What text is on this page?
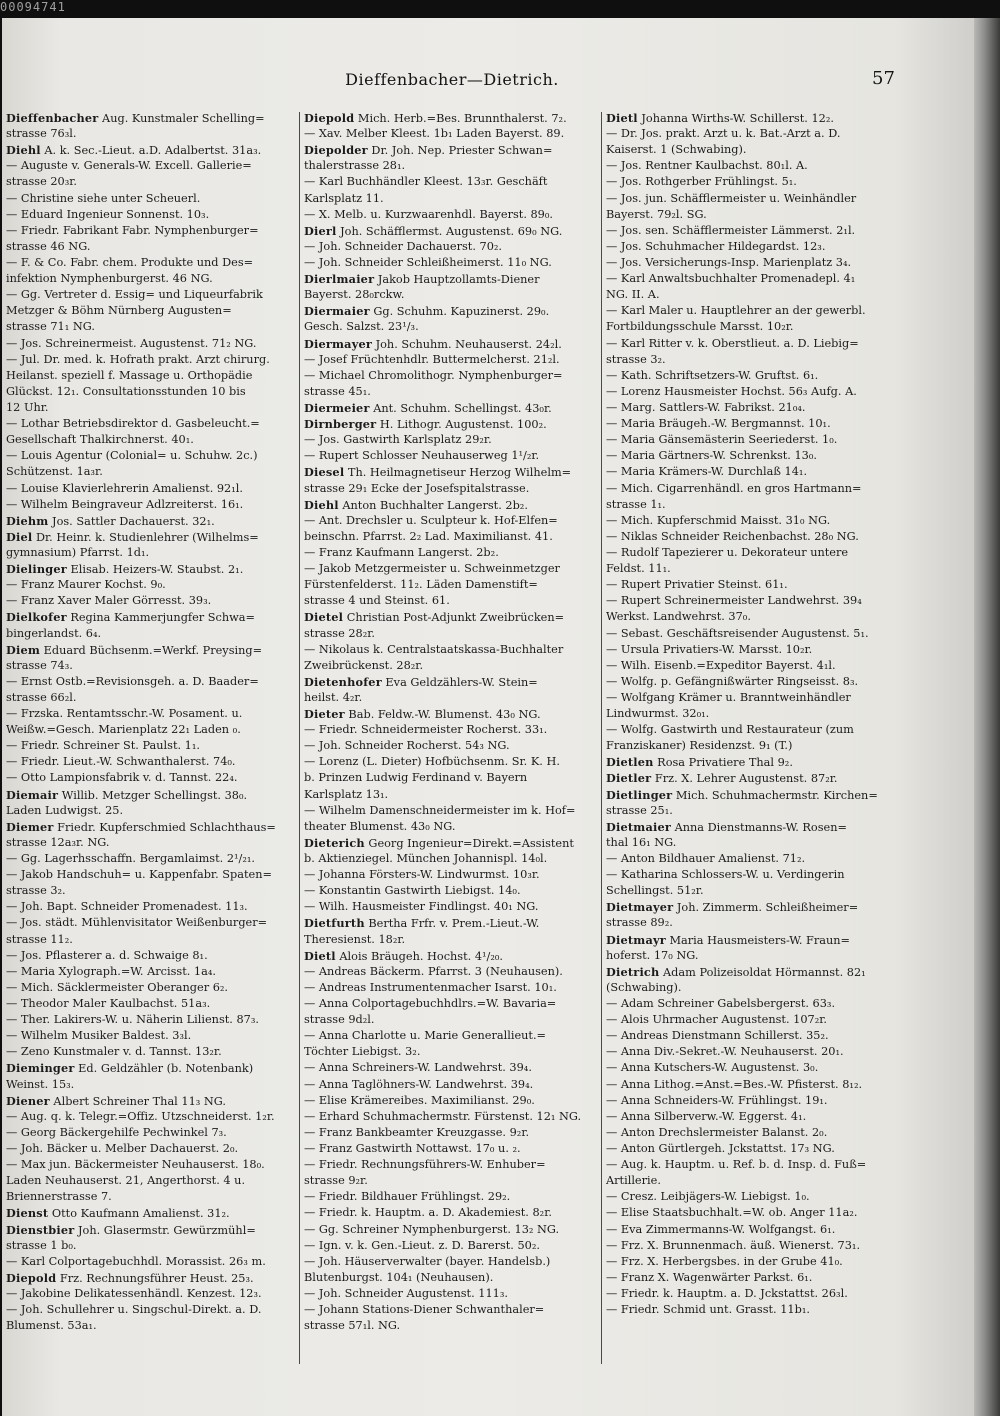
00094741
Dieffenbacher—Dietrich.	57
Dieffenbacher Aug. Kunstmaler Schelling=
strasse 76₃l.
Diehl A. k. Sec.-Lieut. a.D. Adalbertst. 31a₃.
— Auguste v. Generals-W. Excell. Gallerie=
strasse 20₃r.
— Christine siehe unter Scheuerl.
— Eduard Ingenieur Sonnenst. 10₃.
— Friedr. Fabrikant Fabr. Nymphenburger=
strasse 46 NG.
— F. & Co. Fabr. chem. Produkte und Des=
infektion Nymphenburgerst. 46 NG.
— Gg. Vertreter d. Essig= und Liqueurfabrik
Metzger & Böhm Nürnberg Augusten=
strasse 71₁ NG.
— Jos. Schreinermeist. Augustenst. 71₂ NG.
— Jul. Dr. med. k. Hofrath prakt. Arzt chirurg.
Heilanst. speziell f. Massage u. Orthopädie
Glückst. 12₁. Consultationsstunden 10 bis
12 Uhr.
— Lothar Betriebsdirektor d. Gasbeleucht.=
Gesellschaft Thalkirchnerst. 40₁.
— Louis Agentur (Colonial= u. Schuhw. 2c.)
Schützenst. 1a₃r.
— Louise Klavierlehrerin Amalienst. 92₁l.
— Wilhelm Beingraveur Adlzreiterst. 16₁.
Diehm Jos. Sattler Dachauerst. 32₁.
Diel Dr. Heinr. k. Studienlehrer (Wilhelms=
gymnasium) Pfarrst. 1d₁.
Dielinger Elisab. Heizers-W. Staubst. 2₁.
— Franz Maurer Kochst. 9₀.
— Franz Xaver Maler Görresst. 39₃.
Dielkofer Regina Kammerjungfer Schwa=
bingerlandst. 6₄.
Diem Eduard Büchsenm.=Werkf. Preysing=
strasse 74₃.
— Ernst Ostb.=Revisionsgeh. a. D. Baader=
strasse 66₂l.
— Frzska. Rentamtsschr.-W. Posament. u.
Weißw.=Gesch. Marienplatz 22₁ Laden ₀.
— Friedr. Schreiner St. Paulst. 1₁.
— Friedr. Lieut.-W. Schwanthalerst. 74₀.
— Otto Lampionsfabrik v. d. Tannst. 22₄.
Diemair Willib. Metzger Schellingst. 38₀.
Laden Ludwigst. 25.
Diemer Friedr. Kupferschmied Schlachthaus=
strasse 12a₃r. NG.
— Gg. Lagerhsschaffn. Bergamlaimst. 2¹/₂₁.
— Jakob Handschuh= u. Kappenfabr. Spaten=
strasse 3₂.
— Joh. Bapt. Schneider Promenadest. 11₃.
— Jos. städt. Mühlenvisitator Weißenburger=
strasse 11₂.
— Jos. Pflasterer a. d. Schwaige 8₁.
— Maria Xylograph.=W. Arcisst. 1a₄.
— Mich. Säcklermeister Oberanger 6₂.
— Theodor Maler Kaulbachst. 51a₃.
— Ther. Lakirers-W. u. Näherin Lilienst. 87₃.
— Wilhelm Musiker Baldest. 3₃l.
— Zeno Kunstmaler v. d. Tannst. 13₂r.
Dieminger Ed. Geldzähler (b. Notenbank)
Weinst. 15₃.
Diener Albert Schreiner Thal 11₃ NG.
— Aug. q. k. Telegr.=Offiz. Utzschneiderst. 1₂r.
— Georg Bäckergehilfe Pechwinkel 7₃.
— Joh. Bäcker u. Melber Dachauerst. 2₀.
— Max jun. Bäckermeister Neuhauserst. 18₀.
Laden Neuhauserst. 21, Angerthorst. 4 u.
Briennerstrasse 7.
Dienst Otto Kaufmann Amalienst. 31₂.
Dienstbier Joh. Glasermstr. Gewürzmühl=
strasse 1 b₀.
— Karl Colportagebuchhdl. Morassist. 26₃ m.
Diepold Frz. Rechnungsführer Heust. 25₃.
— Jakobine Delikatessenhändl. Kenzest. 12₃.
— Joh. Schullehrer u. Singschul-Direkt. a. D.
Blumenst. 53a₁.
Diepold Mich. Herb.=Bes. Brunnthalerst. 7₂.
— Xav. Melber Kleest. 1b₁ Laden Bayerst. 89.
Diepolder Dr. Joh. Nep. Priester Schwan=
thalerstrasse 28₁.
— Karl Buchhändler Kleest. 13₃r. Geschäft
Karlsplatz 11.
— X. Melb. u. Kurzwaarenhdl. Bayerst. 89₀.
Dierl Joh. Schäfflermst. Augustenst. 69₀ NG.
— Joh. Schneider Dachauerst. 70₂.
— Joh. Schneider Schleißheimerst. 11₀ NG.
Dierlmaier Jakob Hauptzollamts-Diener
Bayerst. 28₀rckw.
Diermaier Gg. Schuhm. Kapuzinerst. 29₀.
Gesch. Salzst. 23¹/₃.
Diermayer Joh. Schuhm. Neuhauserst. 24₂l.
— Josef Früchtenhdlr. Buttermelcherst. 21₂l.
— Michael Chromolithogr. Nymphenburger=
strasse 45₁.
Diermeier Ant. Schuhm. Schellingst. 43₀r.
Dirnberger H. Lithogr. Augustenst. 100₂.
— Jos. Gastwirth Karlsplatz 29₂r.
— Rupert Schlosser Neuhauserweg 1¹/₂r.
Diesel Th. Heilmagnetiseur Herzog Wilhelm=
strasse 29₁ Ecke der Josefspitalstrasse.
Diehl Anton Buchhalter Langerst. 2b₂.
— Ant. Drechsler u. Sculpteur k. Hof-Elfen=
beinschn. Pfarrst. 2₂ Lad. Maximilianst. 41.
— Franz Kaufmann Langerst. 2b₂.
— Jakob Metzgermeister u. Schweinmetzger
Fürstenfelderst. 11₂. Läden Damenstift=
strasse 4 und Steinst. 61.
Dietel Christian Post-Adjunkt Zweibrücken=
strasse 28₂r.
— Nikolaus k. Centralstaatskassa-Buchhalter
Zweibrückenst. 28₂r.
Dietenhofer Eva Geldzählers-W. Stein=
heilst. 4₂r.
Dieter Bab. Feldw.-W. Blumenst. 43₀ NG.
— Friedr. Schneidermeister Rocherst. 33₁.
— Joh. Schneider Rocherst. 54₃ NG.
— Lorenz (L. Dieter) Hofbüchsenm. Sr. K. H.
b. Prinzen Ludwig Ferdinand v. Bayern
Karlsplatz 13₁.
— Wilhelm Damenschneidermeister im k. Hof=
theater Blumenst. 43₀ NG.
Dieterich Georg Ingenieur=Direkt.=Assistent
b. Aktienziegel. München Johannispl. 14₀l.
— Johanna Försters-W. Lindwurmst. 10₃r.
— Konstantin Gastwirth Liebigst. 14₀.
— Wilh. Hausmeister Findlingst. 40₁ NG.
Dietfurth Bertha Frfr. v. Prem.-Lieut.-W.
Theresienst. 18₂r.
Dietl Alois Bräugeh. Hochst. 4¹/₂₀.
— Andreas Bäckerm. Pfarrst. 3 (Neuhausen).
— Andreas Instrumentenmacher Isarst. 10₁.
— Anna Colportagebuchhdlrs.=W. Bavaria=
strasse 9d₂l.
— Anna Charlotte u. Marie Generallieut.=
Töchter Liebigst. 3₂.
— Anna Schreiners-W. Landwehrst. 39₄.
— Anna Taglöhners-W. Landwehrst. 39₄.
— Elise Krämereibes. Maximilianst. 29₀.
— Erhard Schuhmachermstr. Fürstenst. 12₁ NG.
— Franz Bankbeamter Kreuzgasse. 9₂r.
— Franz Gastwirth Nottawst. 17₀ u. ₂.
— Friedr. Rechnungsführers-W. Enhuber=
strasse 9₂r.
— Friedr. Bildhauer Frühlingst. 29₂.
— Friedr. k. Hauptm. a. D. Akademiest. 8₂r.
— Gg. Schreiner Nymphenburgerst. 13₂ NG.
— Ign. v. k. Gen.-Lieut. z. D. Barerst. 50₂.
— Joh. Häuserverwalter (bayer. Handelsb.)
Blutenburgst. 104₁ (Neuhausen).
— Joh. Schneider Augustenst. 111₃.
— Johann Stations-Diener Schwanthaler=
strasse 57₁l. NG.
Dietl Johanna Wirths-W. Schillerst. 12₂.
— Dr. Jos. prakt. Arzt u. k. Bat.-Arzt a. D.
Kaiserst. 1 (Schwabing).
— Jos. Rentner Kaulbachst. 80₁l. A.
— Jos. Rothgerber Frühlingst. 5₁.
— Jos. jun. Schäfflermeister u. Weinhändler
Bayerst. 79₂l. SG.
— Jos. sen. Schäfflermeister Lämmerst. 2₁l.
— Jos. Schuhmacher Hildegardst. 12₃.
— Jos. Versicherungs-Insp. Marienplatz 3₄.
— Karl Anwaltsbuchhalter Promenadepl. 4₁
NG. II. A.
— Karl Maler u. Hauptlehrer an der gewerbl.
Fortbildungsschule Marsst. 10₂r.
— Karl Ritter v. k. Oberstlieut. a. D. Liebig=
strasse 3₂.
— Kath. Schriftsetzers-W. Gruftst. 6₁.
— Lorenz Hausmeister Hochst. 56₃ Aufg. A.
— Marg. Sattlers-W. Fabrikst. 21₀₄.
— Maria Bräugeh.-W. Bergmannst. 10₁.
— Maria Gänsemästerin Seeriederst. 1₀.
— Maria Gärtners-W. Schrenkst. 13₀.
— Maria Krämers-W. Durchlaß 14₁.
— Mich. Cigarrenhändl. en gros Hartmann=
strasse 1₁.
— Mich. Kupferschmid Maisst. 31₀ NG.
— Niklas Schneider Reichenbachst. 28₀ NG.
— Rudolf Tapezierer u. Dekorateur untere
Feldst. 11₁.
— Rupert Privatier Steinst. 61₁.
— Rupert Schreinermeister Landwehrst. 39₄
Werkst. Landwehrst. 37₀.
— Sebast. Geschäftsreisender Augustenst. 5₁.
— Ursula Privatiers-W. Marsst. 10₂r.
— Wilh. Eisenb.=Expeditor Bayerst. 4₁l.
— Wolfg. p. Gefängnißwärter Ringseisst. 8₃.
— Wolfgang Krämer u. Branntweinhändler
Lindwurmst. 32₀₁.
— Wolfg. Gastwirth und Restaurateur (zum
Franziskaner) Residenzst. 9₁ (T.)
Dietlen Rosa Privatiere Thal 9₂.
Dietler Frz. X. Lehrer Augustenst. 87₂r.
Dietlinger Mich. Schuhmachermstr. Kirchen=
strasse 25₁.
Dietmaier Anna Dienstmanns-W. Rosen=
thal 16₁ NG.
— Anton Bildhauer Amalienst. 71₂.
— Katharina Schlossers-W. u. Verdingerin
Schellingst. 51₂r.
Dietmayer Joh. Zimmerm. Schleißheimer=
strasse 89₂.
Dietmayr Maria Hausmeisters-W. Fraun=
hoferst. 17₀ NG.
Dietrich Adam Polizeisoldat Hörmannst. 82₁
(Schwabing).
— Adam Schreiner Gabelsbergerst. 63₃.
— Alois Uhrmacher Augustenst. 107₂r.
— Andreas Dienstmann Schillerst. 35₂.
— Anna Div.-Sekret.-W. Neuhauserst. 20₁.
— Anna Kutschers-W. Augustenst. 3₀.
— Anna Lithog.=Anst.=Bes.-W. Pfisterst. 8₁₂.
— Anna Schneiders-W. Frühlingst. 19₁.
— Anna Silberverw.-W. Eggerst. 4₁.
— Anton Drechslermeister Balanst. 2₀.
— Anton Gürtlergeh. Jckstattst. 17₃ NG.
— Aug. k. Hauptm. u. Ref. b. d. Insp. d. Fuß=
Artillerie.
— Cresz. Leibjägers-W. Liebigst. 1₀.
— Elise Staatsbuchhalt.=W. ob. Anger 11a₂.
— Eva Zimmermanns-W. Wolfgangst. 6₁.
— Frz. X. Brunnenmach. äuß. Wienerst. 73₁.
— Frz. X. Herbergsbes. in der Grube 41₀.
— Franz X. Wagenwärter Parkst. 6₁.
— Friedr. k. Hauptm. a. D. Jckstattst. 26₃l.
— Friedr. Schmid unt. Grasst. 11b₁.
